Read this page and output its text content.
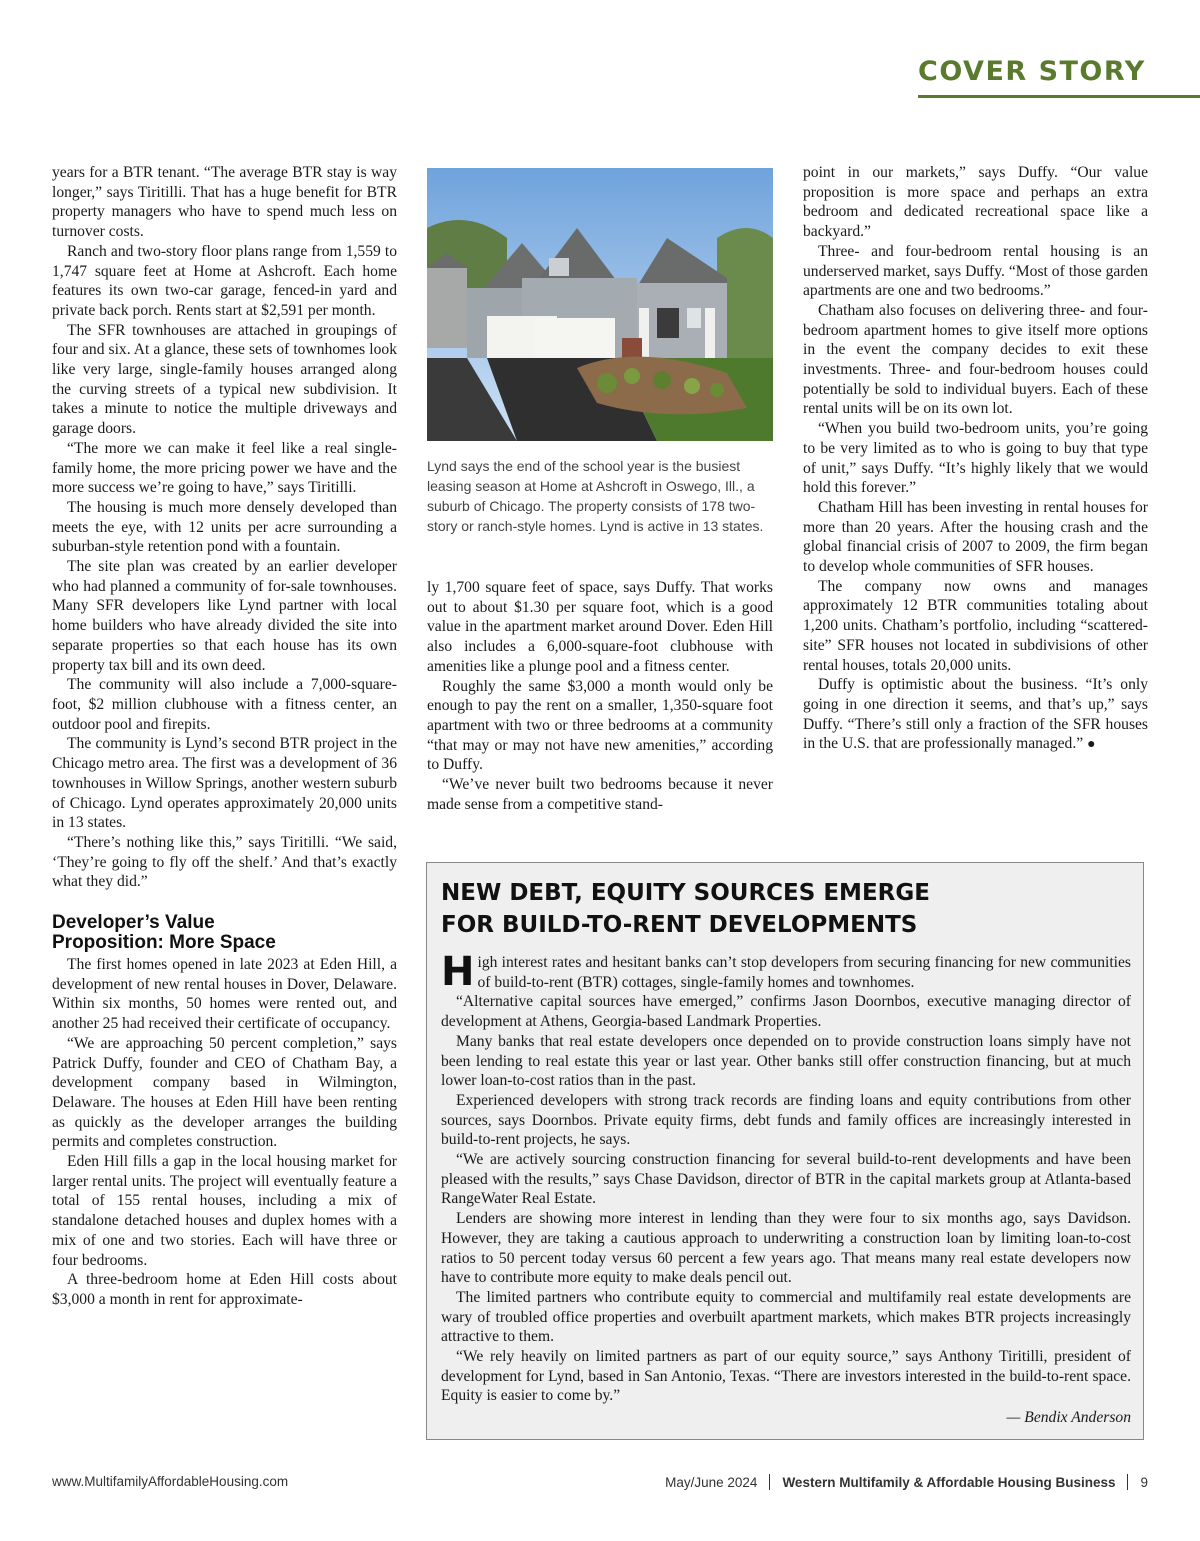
COVER STORY

years for a BTR tenant. “The average BTR stay is way longer,” says Tiritilli. That has a huge benefit for BTR property managers who have to spend much less on turnover costs.

Ranch and two-story floor plans range from 1,559 to 1,747 square feet at Home at Ashcroft. Each home features its own two-car garage, fenced-in yard and private back porch. Rents start at $2,591 per month.

The SFR townhouses are attached in groupings of four and six. At a glance, these sets of townhomes look like very large, single-family houses arranged along the curving streets of a typical new subdivision. It takes a minute to notice the multiple driveways and garage doors.

“The more we can make it feel like a real single-family home, the more pricing power we have and the more success we’re going to have,” says Tiritilli.

The housing is much more densely developed than meets the eye, with 12 units per acre surrounding a suburban-style retention pond with a fountain.

The site plan was created by an earlier developer who had planned a community of for-sale townhouses. Many SFR developers like Lynd partner with local home builders who have already divided the site into separate properties so that each house has its own property tax bill and its own deed.

The community will also include a 7,000-square-foot, $2 million clubhouse with a fitness center, an outdoor pool and firepits.

The community is Lynd’s second BTR project in the Chicago metro area. The first was a development of 36 townhouses in Willow Springs, another western suburb of Chicago. Lynd operates approximately 20,000 units in 13 states.

“There’s nothing like this,” says Tiritilli. “We said, ‘They’re going to fly off the shelf.’ And that’s exactly what they did.”

Developer’s Value
Proposition: More Space

The first homes opened in late 2023 at Eden Hill, a development of new rental houses in Dover, Delaware. Within six months, 50 homes were rented out, and another 25 had received their certificate of occupancy.

“We are approaching 50 percent completion,” says Patrick Duffy, founder and CEO of Chatham Bay, a development company based in Wilmington, Delaware. The houses at Eden Hill have been renting as quickly as the developer arranges the building permits and completes construction.

Eden Hill fills a gap in the local housing market for larger rental units. The project will eventually feature a total of 155 rental houses, including a mix of standalone detached houses and duplex homes with a mix of one and two stories. Each will have three or four bedrooms.

A three-bedroom home at Eden Hill costs about $3,000 a month in rent for approximate-

Lynd says the end of the school year is the busiest leasing season at Home at Ashcroft in Oswego, Ill., a suburb of Chicago. The property consists of 178 two-story or ranch-style homes. Lynd is active in 13 states.

ly 1,700 square feet of space, says Duffy. That works out to about $1.30 per square foot, which is a good value in the apartment market around Dover. Eden Hill also includes a 6,000-square-foot clubhouse with amenities like a plunge pool and a fitness center.

Roughly the same $3,000 a month would only be enough to pay the rent on a smaller, 1,350-square foot apartment with two or three bedrooms at a community “that may or may not have new amenities,” according to Duffy.

“We’ve never built two bedrooms because it never made sense from a competitive stand-

point in our markets,” says Duffy. “Our value proposition is more space and perhaps an extra bedroom and dedicated recreational space like a backyard.”

Three- and four-bedroom rental housing is an underserved market, says Duffy. “Most of those garden apartments are one and two bedrooms.”

Chatham also focuses on delivering three- and four-bedroom apartment homes to give itself more options in the event the company decides to exit these investments. Three- and four-bedroom houses could potentially be sold to individual buyers. Each of these rental units will be on its own lot.

“When you build two-bedroom units, you’re going to be very limited as to who is going to buy that type of unit,” says Duffy. “It’s highly likely that we would hold this forever.”

Chatham Hill has been investing in rental houses for more than 20 years. After the housing crash and the global financial crisis of 2007 to 2009, the firm began to develop whole communities of SFR houses.

The company now owns and manages approximately 12 BTR communities totaling about 1,200 units. Chatham’s portfolio, including “scattered-site” SFR houses not located in subdivisions of other rental houses, totals 20,000 units.

Duffy is optimistic about the business. “It’s only going in one direction it seems, and that’s up,” says Duffy. “There’s still only a fraction of the SFR houses in the U.S. that are professionally managed.” ●

NEW DEBT, EQUITY SOURCES EMERGE
FOR BUILD-TO-RENT DEVELOPMENTS

High interest rates and hesitant banks can’t stop developers from securing financing for new communities of build-to-rent (BTR) cottages, single-family homes and townhomes.

“Alternative capital sources have emerged,” confirms Jason Doornbos, executive managing director of development at Athens, Georgia-based Landmark Properties.

Many banks that real estate developers once depended on to provide construction loans simply have not been lending to real estate this year or last year. Other banks still offer construction financing, but at much lower loan-to-cost ratios than in the past.

Experienced developers with strong track records are finding loans and equity contributions from other sources, says Doornbos. Private equity firms, debt funds and family offices are increasingly interested in build-to-rent projects, he says.

“We are actively sourcing construction financing for several build-to-rent developments and have been pleased with the results,” says Chase Davidson, director of BTR in the capital markets group at Atlanta-based RangeWater Real Estate.

Lenders are showing more interest in lending than they were four to six months ago, says Davidson. However, they are taking a cautious approach to underwriting a construction loan by limiting loan-to-cost ratios to 50 percent today versus 60 percent a few years ago. That means many real estate developers now have to contribute more equity to make deals pencil out.

The limited partners who contribute equity to commercial and multifamily real estate developments are wary of troubled office properties and overbuilt apartment markets, which makes BTR projects increasingly attractive to them.

“We rely heavily on limited partners as part of our equity source,” says Anthony Tiritilli, president of development for Lynd, based in San Antonio, Texas. “There are investors interested in the build-to-rent space. Equity is easier to come by.”

— Bendix Anderson
www.MultifamilyAffordableHousing.com	May/June 2024 Western Multifamily & Affordable Housing Business 9
